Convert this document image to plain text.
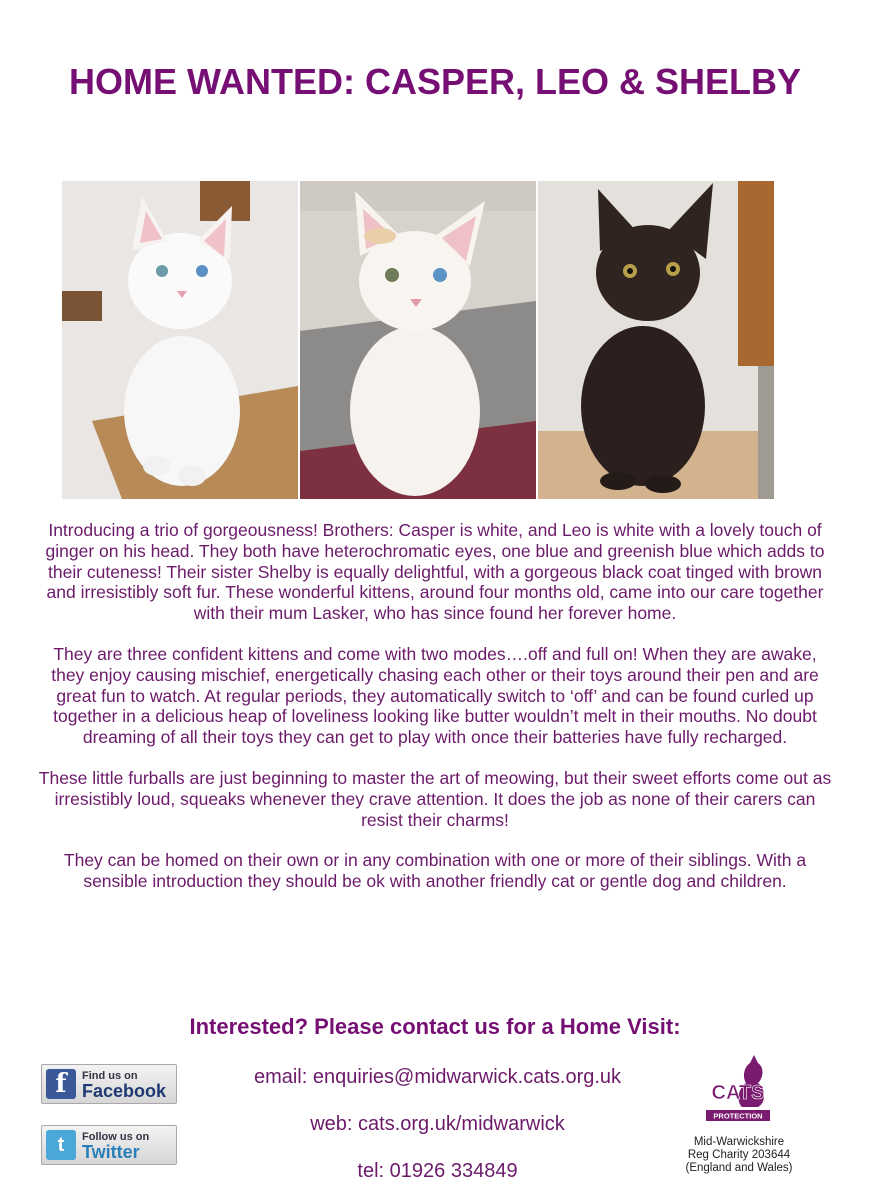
HOME WANTED: CASPER, LEO & SHELBY

Introducing a trio of gorgeousness! Brothers: Casper is white, and Leo is white with a lovely touch of ginger on his head. They both have heterochromatic eyes, one blue and greenish blue which adds to their cuteness! Their sister Shelby is equally delightful, with a gorgeous black coat tinged with brown and irresistibly soft fur. These wonderful kittens, around four months old, came into our care together with their mum Lasker, who has since found her forever home.

They are three confident kittens and come with two modes….off and full on! When they are awake, they enjoy causing mischief, energetically chasing each other or their toys around their pen and are great fun to watch. At regular periods, they automatically switch to ‘off’ and can be found curled up together in a delicious heap of loveliness looking like butter wouldn’t melt in their mouths. No doubt dreaming of all their toys they can get to play with once their batteries have fully recharged.

These little furballs are just beginning to master the art of meowing, but their sweet efforts come out as irresistibly loud, squeaks whenever they crave attention. It does the job as none of their carers can resist their charms!

They can be homed on their own or in any combination with one or more of their siblings. With a sensible introduction they should be ok with another friendly cat or gentle dog and children.

Interested? Please contact us for a Home Visit:
email: enquiries@midwarwick.cats.org.uk
web: cats.org.uk/midwarwick
tel: 01926 334849
f	Find us on
Facebook
t	Follow us on
Twitter
CATS
PROTECTION
Mid-Warwickshire
Reg Charity 203644
(England and Wales)
